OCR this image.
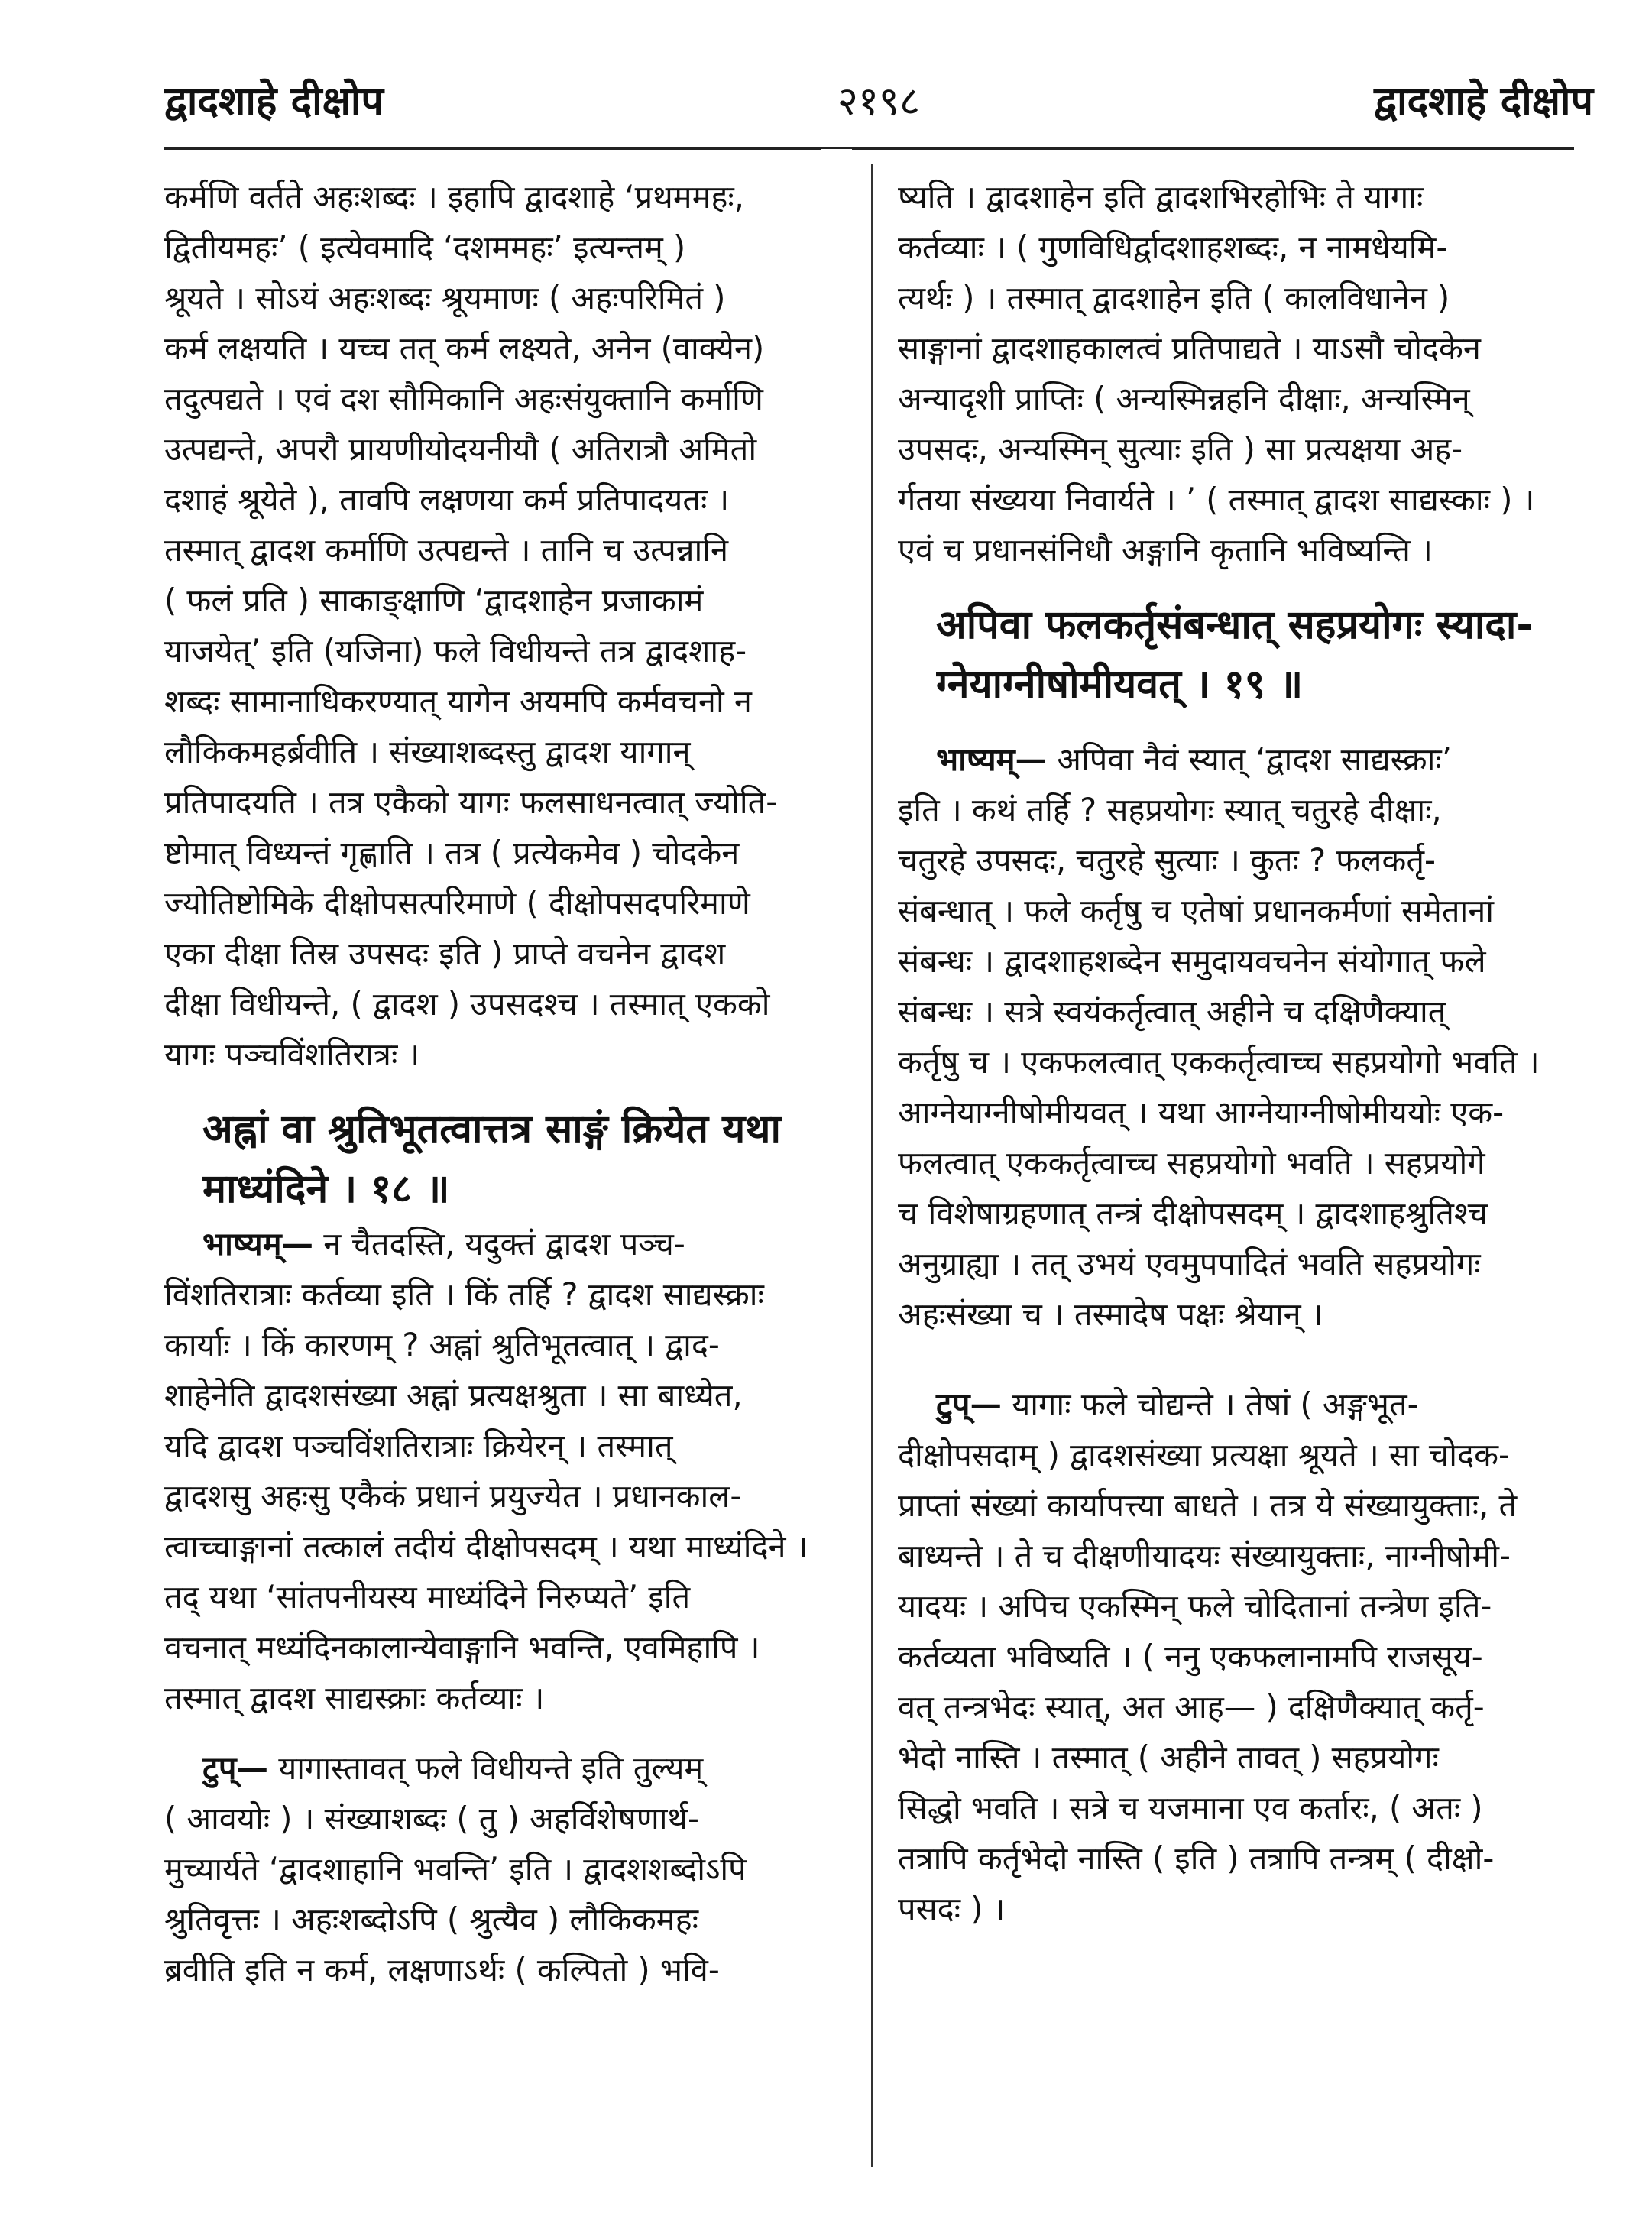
द्वादशाहे दीक्षोप	२१९८	द्वादशाहे दीक्षोप
कर्मणि वर्तते अहःशब्दः । इहापि द्वादशाहे ‘प्रथममहः,
द्वितीयमहः’ ( इत्येवमादि ‘दशममहः’ इत्यन्तम् )
श्रूयते । सोऽयं अहःशब्दः श्रूयमाणः ( अहःपरिमितं )
कर्म लक्षयति । यच्च तत् कर्म लक्ष्यते, अनेन (वाक्येन)
तदुत्पद्यते । एवं दश सौमिकानि अहःसंयुक्तानि कर्माणि
उत्पद्यन्ते, अपरौ प्रायणीयोदयनीयौ ( अतिरात्रौ अमितो
दशाहं श्रूयेते ), तावपि लक्षणया कर्म प्रतिपादयतः ।
तस्मात् द्वादश कर्माणि उत्पद्यन्ते । तानि च उत्पन्नानि
( फलं प्रति ) साकाङ्क्षाणि ‘द्वादशाहेन प्रजाकामं
याजयेत्’ इति (यजिना) फले विधीयन्ते तत्र द्वादशाह-
शब्दः सामानाधिकरण्यात् यागेन अयमपि कर्मवचनो न
लौकिकमहर्ब्रवीति । संख्याशब्दस्तु द्वादश यागान्
प्रतिपादयति । तत्र एकैको यागः फलसाधनत्वात् ज्योति-
ष्टोमात् विध्यन्तं गृह्णाति । तत्र ( प्रत्येकमेव ) चोदकेन
ज्योतिष्टोमिके दीक्षोपसत्परिमाणे ( दीक्षोपसदपरिमाणे
एका दीक्षा तिस्र उपसदः इति ) प्राप्ते वचनेन द्वादश
दीक्षा विधीयन्ते, ( द्वादश ) उपसदश्च । तस्मात् एकको
यागः पञ्चविंशतिरात्रः ।
अह्नां वा श्रुतिभूतत्वात्तत्र साङ्गं क्रियेत यथा
माध्यंदिने । १८ ॥
भाष्यम्— न चैतदस्ति, यदुक्तं द्वादश पञ्च-
विंशतिरात्राः कर्तव्या इति । किं तर्हि ? द्वादश साद्यस्क्राः
कार्याः । किं कारणम् ? अह्नां श्रुतिभूतत्वात् । द्वाद-
शाहेनेति द्वादशसंख्या अह्नां प्रत्यक्षश्रुता । सा बाध्येत,
यदि द्वादश पञ्चविंशतिरात्राः क्रियेरन् । तस्मात्
द्वादशसु अहःसु एकैकं प्रधानं प्रयुज्येत । प्रधानकाल-
त्वाच्चाङ्गानां तत्कालं तदीयं दीक्षोपसदम् । यथा माध्यंदिने ।
तद् यथा ‘सांतपनीयस्य माध्यंदिने निरुप्यते’ इति
वचनात् मध्यंदिनकालान्येवाङ्गानि भवन्ति, एवमिहापि ।
तस्मात् द्वादश साद्यस्क्राः कर्तव्याः ।
टुप्— यागास्तावत् फले विधीयन्ते इति तुल्यम्
( आवयोः ) । संख्याशब्दः ( तु ) अहर्विशेषणार्थ-
मुच्यार्यते ‘द्वादशाहानि भवन्ति’ इति । द्वादशशब्दोऽपि
श्रुतिवृत्तः । अहःशब्दोऽपि ( श्रुत्यैव ) लौकिकमहः
ब्रवीति इति न कर्म, लक्षणाऽर्थः ( कल्पितो ) भवि-
ष्यति । द्वादशाहेन इति द्वादशभिरहोभिः ते यागाः
कर्तव्याः । ( गुणविधिर्द्वादशाहशब्दः, न नामधेयमि-
त्यर्थः ) । तस्मात् द्वादशाहेन इति ( कालविधानेन )
साङ्गानां द्वादशाहकालत्वं प्रतिपाद्यते । याऽसौ चोदकेन
अन्यादृशी प्राप्तिः ( अन्यस्मिन्नहनि दीक्षाः, अन्यस्मिन्
उपसदः, अन्यस्मिन् सुत्याः इति ) सा प्रत्यक्षया अह-
र्गतया संख्यया निवार्यते । ’ ( तस्मात् द्वादश साद्यस्काः ) ।
एवं च प्रधानसंनिधौ अङ्गानि कृतानि भविष्यन्ति ।
अपिवा फलकर्तृसंबन्धात् सहप्रयोगः स्यादा-
ग्नेयाग्नीषोमीयवत् । १९ ॥
भाष्यम्— अपिवा नैवं स्यात् ‘द्वादश साद्यस्क्राः’
इति । कथं तर्हि ? सहप्रयोगः स्यात् चतुरहे दीक्षाः,
चतुरहे उपसदः, चतुरहे सुत्याः । कुतः ? फलकर्तृ-
संबन्धात् । फले कर्तृषु च एतेषां प्रधानकर्मणां समेतानां
संबन्धः । द्वादशाहशब्देन समुदायवचनेन संयोगात् फले
संबन्धः । सत्रे स्वयंकर्तृत्वात् अहीने च दक्षिणैक्यात्
कर्तृषु च । एकफलत्वात् एककर्तृत्वाच्च सहप्रयोगो भवति ।
आग्नेयाग्नीषोमीयवत् । यथा आग्नेयाग्नीषोमीययोः एक-
फलत्वात् एककर्तृत्वाच्च सहप्रयोगो भवति । सहप्रयोगे
च विशेषाग्रहणात् तन्त्रं दीक्षोपसदम् । द्वादशाहश्रुतिश्च
अनुग्राह्या । तत् उभयं एवमुपपादितं भवति सहप्रयोगः
अहःसंख्या च । तस्मादेष पक्षः श्रेयान् ।
टुप्— यागाः फले चोद्यन्ते । तेषां ( अङ्गभूत-
दीक्षोपसदाम् ) द्वादशसंख्या प्रत्यक्षा श्रूयते । सा चोदक-
प्राप्तां संख्यां कार्यापत्त्या बाधते । तत्र ये संख्यायुक्ताः, ते
बाध्यन्ते । ते च दीक्षणीयादयः संख्यायुक्ताः, नाग्नीषोमी-
यादयः । अपिच एकस्मिन् फले चोदितानां तन्त्रेण इति-
कर्तव्यता भविष्यति । ( ननु एकफलानामपि राजसूय-
वत् तन्त्रभेदः स्यात्, अत आह— ) दक्षिणैक्यात् कर्तृ-
भेदो नास्ति । तस्मात् ( अहीने तावत् ) सहप्रयोगः
सिद्धो भवति । सत्रे च यजमाना एव कर्तारः, ( अतः )
तत्रापि कर्तृभेदो नास्ति ( इति ) तत्रापि तन्त्रम् ( दीक्षो-
पसदः ) ।
